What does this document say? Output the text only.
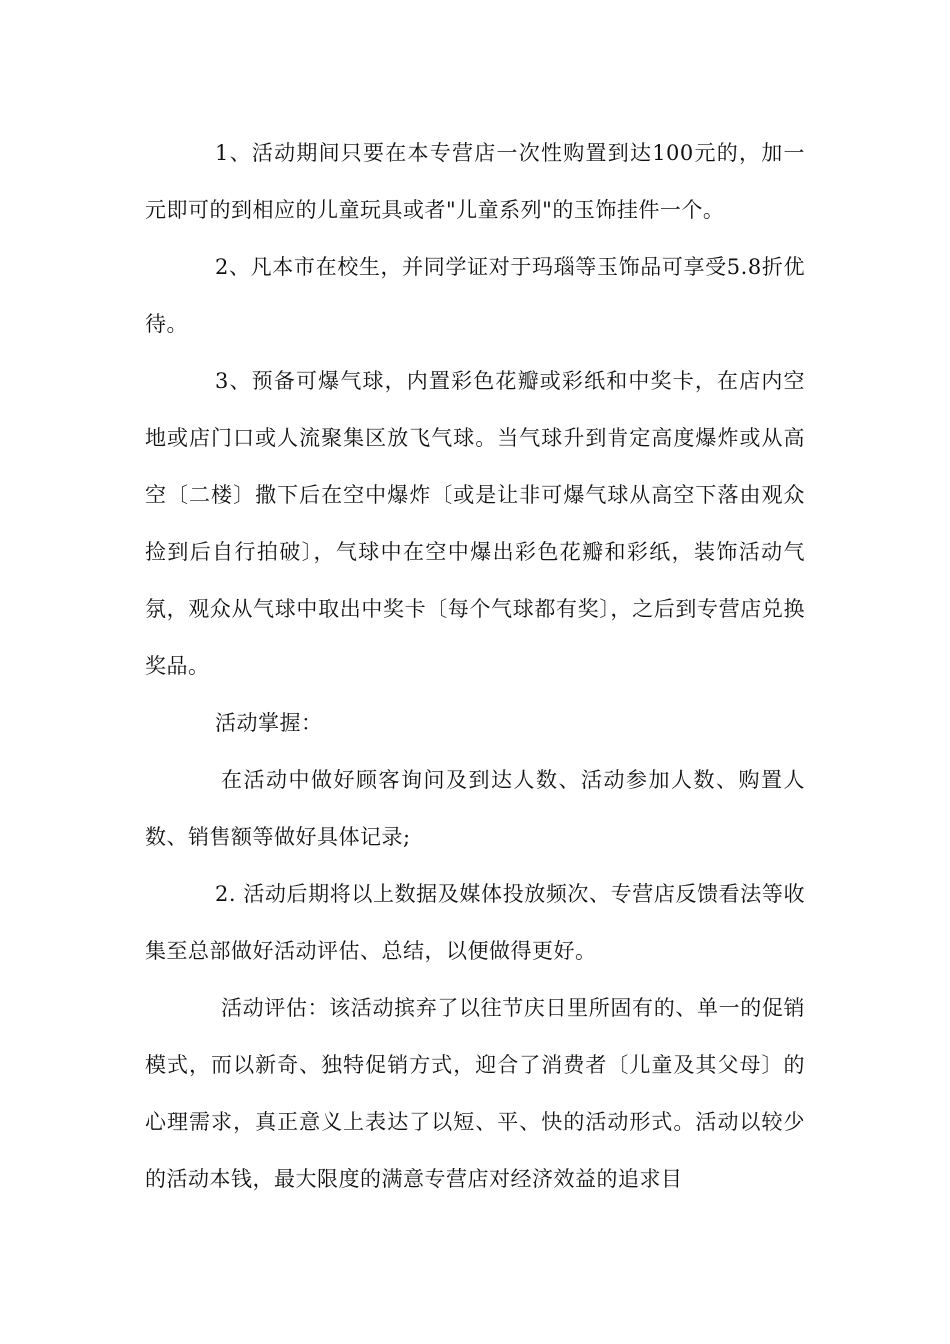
1、活动期间只要在本专营店一次性购置到达100元的，加一元即可的到相应的儿童玩具或者"儿童系列"的玉饰挂件一个。

2、凡本市在校生，并同学证对于玛瑙等玉饰品可享受5.8折优待。

3、预备可爆气球，内置彩色花瓣或彩纸和中奖卡，在店内空地或店门口或人流聚集区放飞气球。当气球升到肯定高度爆炸或从高空〔二楼〕撒下后在空中爆炸〔或是让非可爆气球从高空下落由观众捡到后自行拍破〕，气球中在空中爆出彩色花瓣和彩纸，装饰活动气氛，观众从气球中取出中奖卡〔每个气球都有奖〕，之后到专营店兑换奖品。

活动掌握：

在活动中做好顾客询问及到达人数、活动参加人数、购置人数、销售额等做好具体记录;

2. 活动后期将以上数据及媒体投放频次、专营店反馈看法等收集至总部做好活动评估、总结，以便做得更好。

活动评估：该活动摈弃了以往节庆日里所固有的、单一的促销模式，而以新奇、独特促销方式，迎合了消费者〔儿童及其父母〕的心理需求，真正意义上表达了以短、平、快的活动形式。活动以较少的活动本钱，最大限度的满意专营店对经济效益的追求目
